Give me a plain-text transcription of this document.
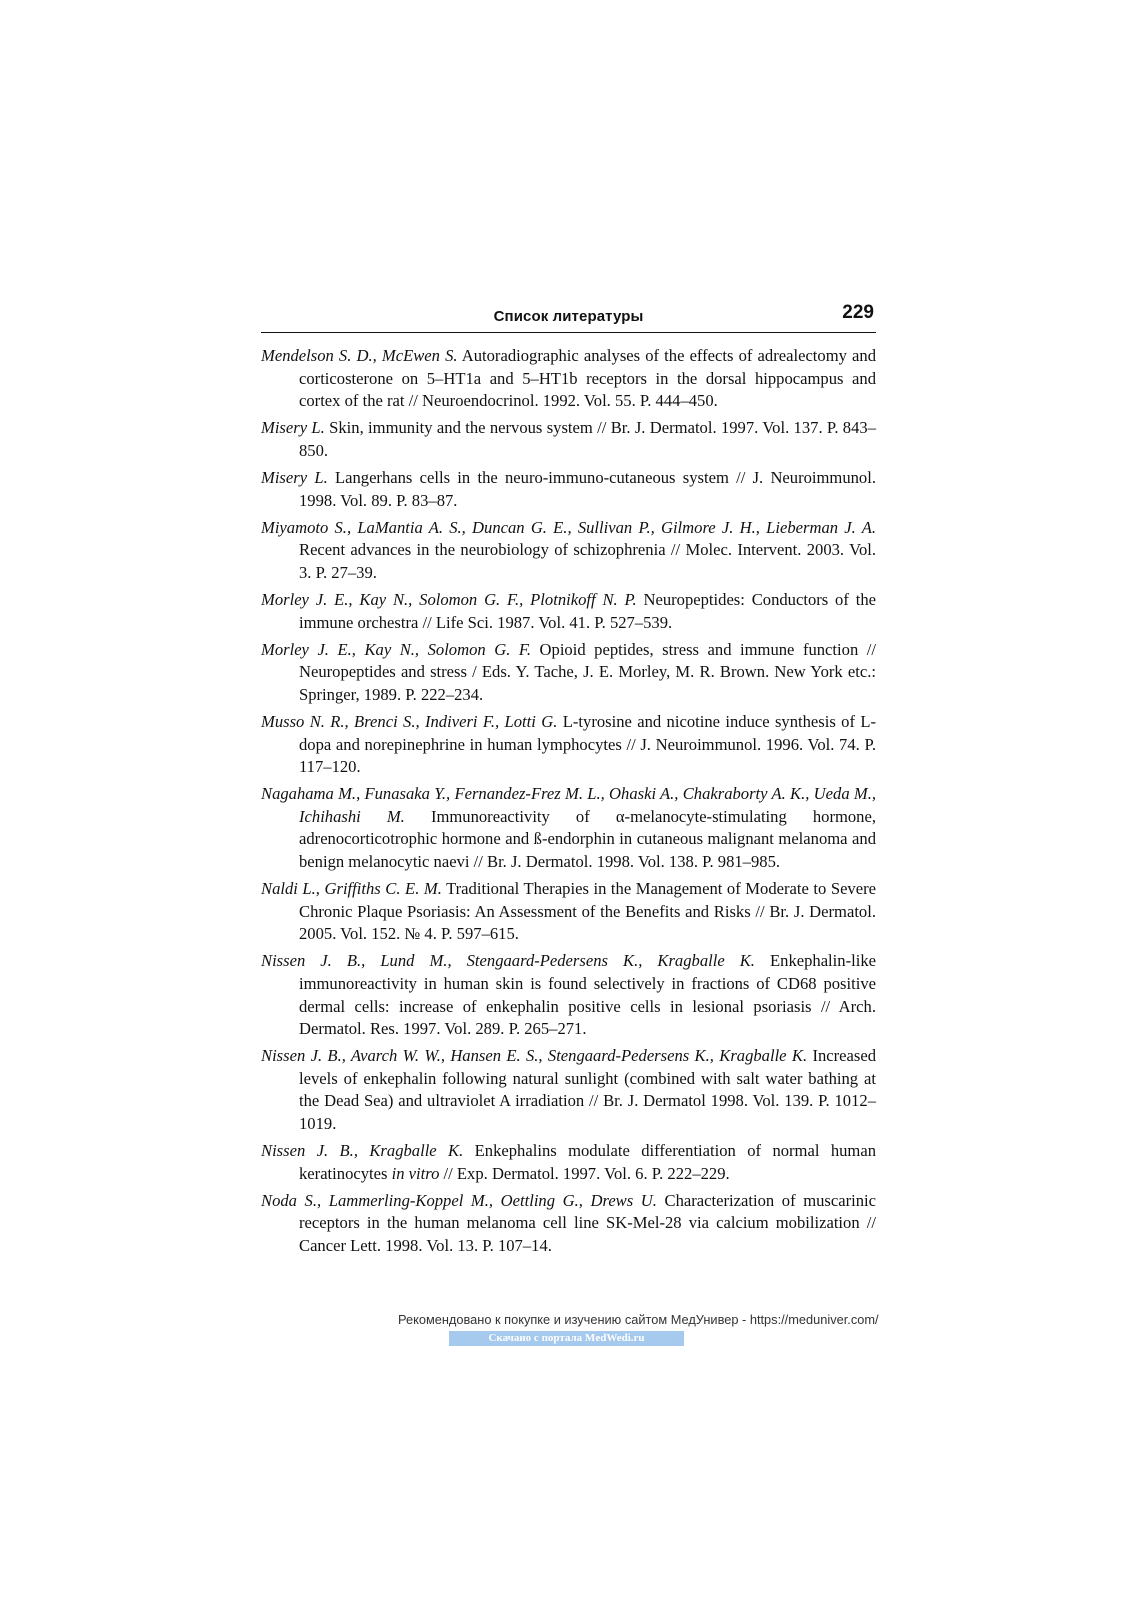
Список литературы	229
Mendelson S. D., McEwen S. Autoradiographic analyses of the effects of adrealectomy and corticosterone on 5–HT1a and 5–HT1b receptors in the dorsal hippocampus and cortex of the rat // Neuroendocrinol. 1992. Vol. 55. P. 444–450.
Misery L. Skin, immunity and the nervous system // Br. J. Dermatol. 1997. Vol. 137. P. 843–850.
Misery L. Langerhans cells in the neuro-immuno-cutaneous system // J. Neuroimmunol. 1998. Vol. 89. P. 83–87.
Miyamoto S., LaMantia A. S., Duncan G. E., Sullivan P., Gilmore J. H., Lieberman J. A. Recent advances in the neurobiology of schizophrenia // Molec. Intervent. 2003. Vol. 3. P. 27–39.
Morley J. E., Kay N., Solomon G. F., Plotnikoff N. P. Neuropeptides: Conductors of the immune orchestra // Life Sci. 1987. Vol. 41. P. 527–539.
Morley J. E., Kay N., Solomon G. F. Opioid peptides, stress and immune function // Neuropeptides and stress / Eds. Y. Tache, J. E. Morley, M. R. Brown. New York etc.: Springer, 1989. P. 222–234.
Musso N. R., Brenci S., Indiveri F., Lotti G. L-tyrosine and nicotine induce synthesis of L-dopa and norepinephrine in human lymphocytes // J. Neuroimmunol. 1996. Vol. 74. P. 117–120.
Nagahama M., Funasaka Y., Fernandez-Frez M. L., Ohaski A., Chakraborty A. K., Ueda M., Ichihashi M. Immunoreactivity of α-melanocyte-stimulating hormone, adrenocorticotrophic hormone and ß-endorphin in cutaneous malignant melanoma and benign melanocytic naevi // Br. J. Dermatol. 1998. Vol. 138. P. 981–985.
Naldi L., Griffiths C. E. M. Traditional Therapies in the Management of Moderate to Severe Chronic Plaque Psoriasis: An Assessment of the Benefits and Risks // Br. J. Dermatol. 2005. Vol. 152. № 4. P. 597–615.
Nissen J. B., Lund M., Stengaard-Pedersens K., Kragballe K. Enkephalin-like immunoreactivity in human skin is found selectively in fractions of CD68 positive dermal cells: increase of enkephalin positive cells in lesional psoriasis // Arch. Dermatol. Res. 1997. Vol. 289. P. 265–271.
Nissen J. B., Avarch W. W., Hansen E. S., Stengaard-Pedersens K., Kragballe K. Increased levels of enkephalin following natural sunlight (combined with salt water bathing at the Dead Sea) and ultraviolet A irradiation // Br. J. Dermatol 1998. Vol. 139. P. 1012–1019.
Nissen J. B., Kragballe K. Enkephalins modulate differentiation of normal human keratinocytes in vitro // Exp. Dermatol. 1997. Vol. 6. P. 222–229.
Noda S., Lammerling-Koppel M., Oettling G., Drews U. Characterization of muscarinic receptors in the human melanoma cell line SK-Mel-28 via calcium mobilization // Cancer Lett. 1998. Vol. 13. P. 107–14.
Рекомендовано к покупке и изучению сайтом МедУнивер - https://meduniver.com/
Скачано с портала MedWedi.ru
